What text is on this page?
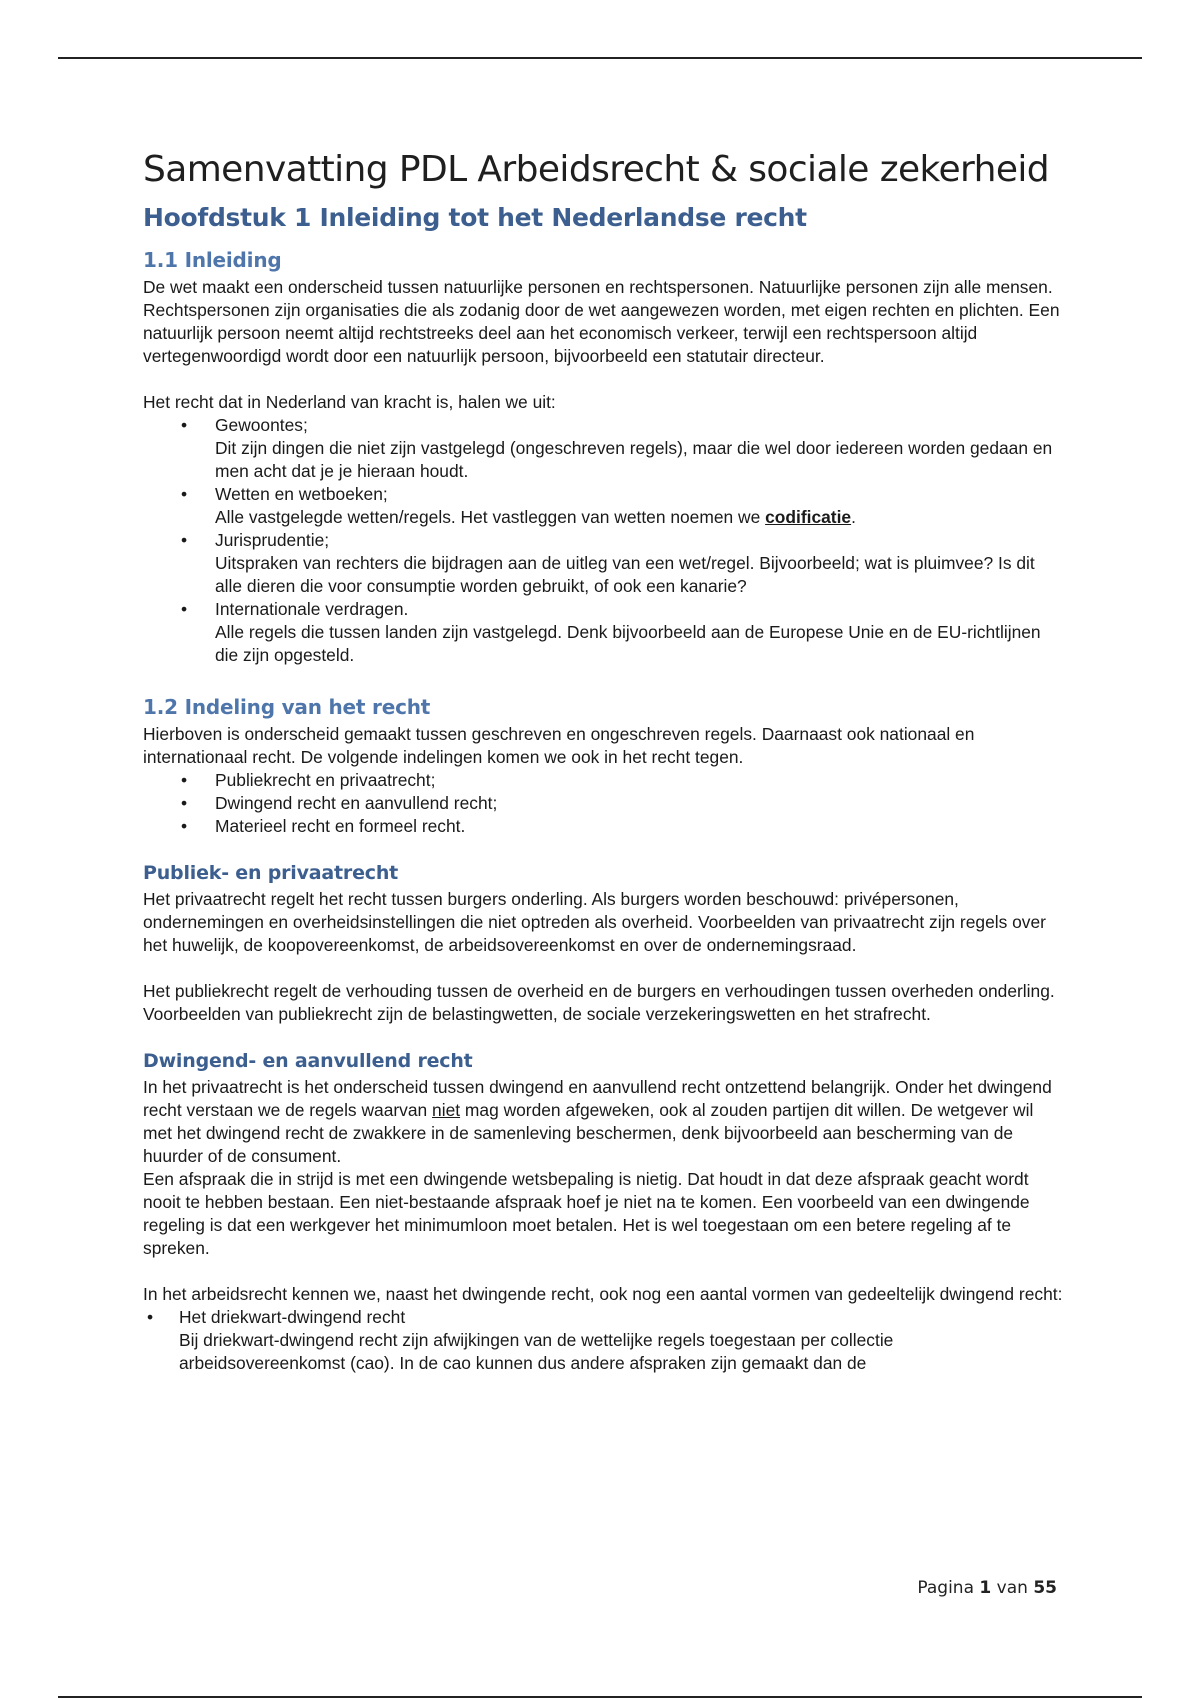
Samenvatting PDL Arbeidsrecht & sociale zekerheid
Hoofdstuk 1 Inleiding tot het Nederlandse recht
1.1 Inleiding

De wet maakt een onderscheid tussen natuurlijke personen en rechtspersonen. Natuurlijke personen zijn alle mensen. Rechtspersonen zijn organisaties die als zodanig door de wet aangewezen worden, met eigen rechten en plichten. Een natuurlijk persoon neemt altijd rechtstreeks deel aan het economisch verkeer, terwijl een rechtspersoon altijd vertegenwoordigd wordt door een natuurlijk persoon, bijvoorbeeld een statutair directeur.

Het recht dat in Nederland van kracht is, halen we uit:

• Gewoontes;
Dit zijn dingen die niet zijn vastgelegd (ongeschreven regels), maar die wel door iedereen worden gedaan en men acht dat je je hieraan houdt.
• Wetten en wetboeken;
Alle vastgelegde wetten/regels. Het vastleggen van wetten noemen we codificatie.
• Jurisprudentie;
Uitspraken van rechters die bijdragen aan de uitleg van een wet/regel. Bijvoorbeeld; wat is pluimvee? Is dit alle dieren die voor consumptie worden gebruikt, of ook een kanarie?
• Internationale verdragen.
Alle regels die tussen landen zijn vastgelegd. Denk bijvoorbeeld aan de Europese Unie en de EU-richtlijnen die zijn opgesteld.
1.2 Indeling van het recht

Hierboven is onderscheid gemaakt tussen geschreven en ongeschreven regels. Daarnaast ook nationaal en internationaal recht. De volgende indelingen komen we ook in het recht tegen.

• Publiekrecht en privaatrecht;
• Dwingend recht en aanvullend recht;
• Materieel recht en formeel recht.
Publiek- en privaatrecht

Het privaatrecht regelt het recht tussen burgers onderling. Als burgers worden beschouwd: privépersonen, ondernemingen en overheidsinstellingen die niet optreden als overheid. Voorbeelden van privaatrecht zijn regels over het huwelijk, de koopovereenkomst, de arbeidsovereenkomst en over de ondernemingsraad.

Het publiekrecht regelt de verhouding tussen de overheid en de burgers en verhoudingen tussen overheden onderling. Voorbeelden van publiekrecht zijn de belastingwetten, de sociale verzekeringswetten en het strafrecht.

Dwingend- en aanvullend recht

In het privaatrecht is het onderscheid tussen dwingend en aanvullend recht ontzettend belangrijk. Onder het dwingend recht verstaan we de regels waarvan niet mag worden afgeweken, ook al zouden partijen dit willen. De wetgever wil met het dwingend recht de zwakkere in de samenleving beschermen, denk bijvoorbeeld aan bescherming van de huurder of de consument.

Een afspraak die in strijd is met een dwingende wetsbepaling is nietig. Dat houdt in dat deze afspraak geacht wordt nooit te hebben bestaan. Een niet-bestaande afspraak hoef je niet na te komen. Een voorbeeld van een dwingende regeling is dat een werkgever het minimumloon moet betalen. Het is wel toegestaan om een betere regeling af te spreken.

In het arbeidsrecht kennen we, naast het dwingende recht, ook nog een aantal vormen van gedeeltelijk dwingend recht:

• Het driekwart-dwingend recht
Bij driekwart-dwingend recht zijn afwijkingen van de wettelijke regels toegestaan per collectie arbeidsovereenkomst (cao). In de cao kunnen dus andere afspraken zijn gemaakt dan de
Pagina 1 van 55
